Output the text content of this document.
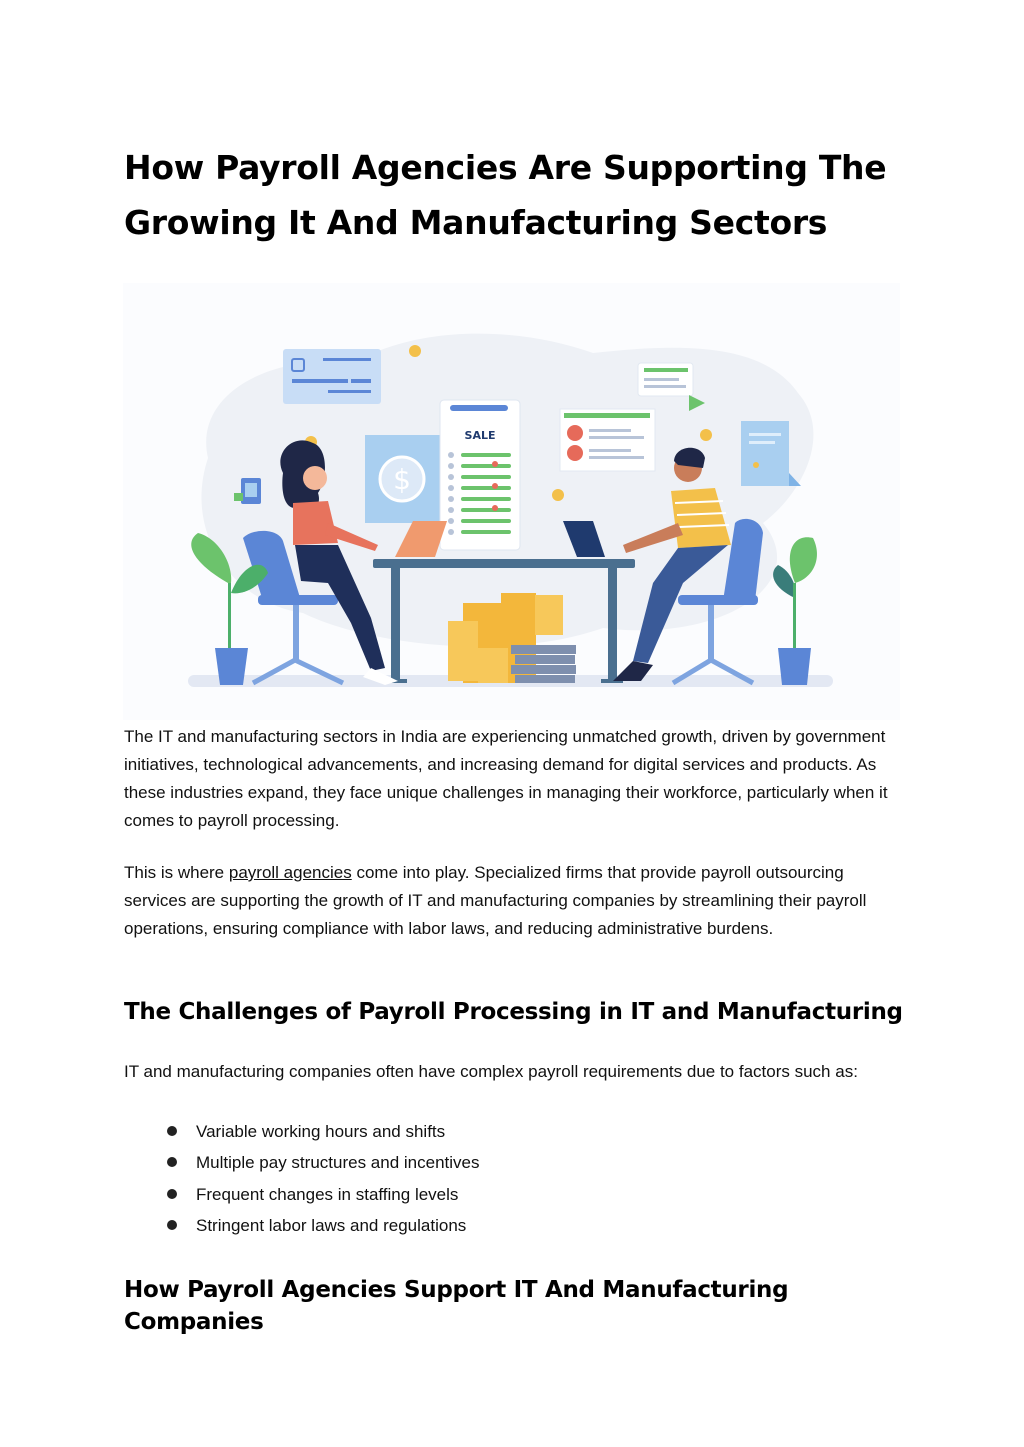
How Payroll Agencies Are Supporting The Growing It And Manufacturing Sectors
$
SALE

The IT and manufacturing sectors in India are experiencing unmatched growth, driven by government initiatives, technological advancements, and increasing demand for digital services and products. As these industries expand, they face unique challenges in managing their workforce, particularly when it comes to payroll processing.

This is where payroll agencies come into play. Specialized firms that provide payroll outsourcing services are supporting the growth of IT and manufacturing companies by streamlining their payroll operations, ensuring compliance with labor laws, and reducing administrative burdens.

The Challenges of Payroll Processing in IT and Manufacturing

IT and manufacturing companies often have complex payroll requirements due to factors such as:

Variable working hours and shifts
Multiple pay structures and incentives
Frequent changes in staffing levels
Stringent labor laws and regulations
How Payroll Agencies Support IT And Manufacturing Companies
